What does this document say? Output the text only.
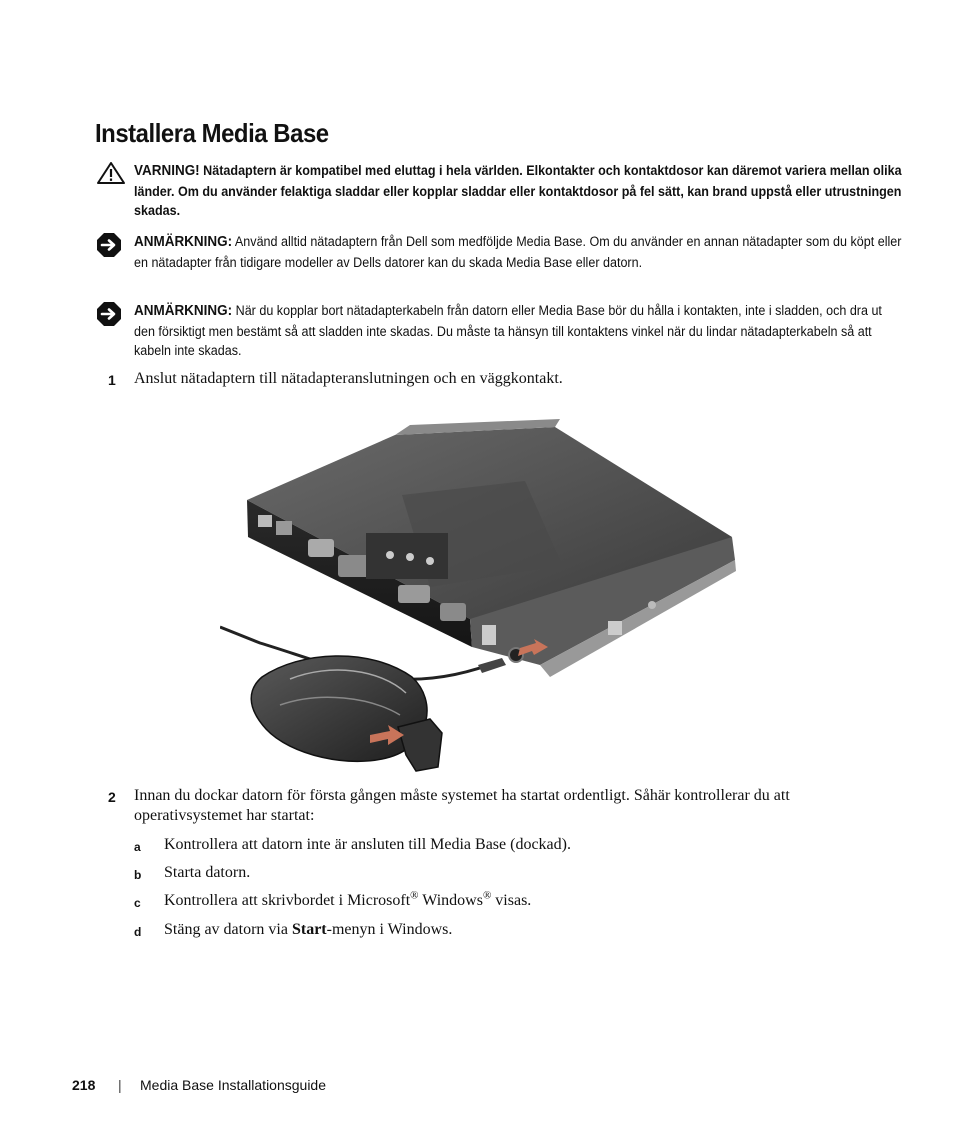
Installera Media Base
VARNING! Nätadaptern är kompatibel med eluttag i hela världen. Elkontakter och kontaktdosor kan däremot variera mellan olika länder. Om du använder felaktiga sladdar eller kopplar sladdar eller kontaktdosor på fel sätt, kan brand uppstå eller utrustningen skadas.
ANMÄRKNING: Använd alltid nätadaptern från Dell som medföljde Media Base. Om du använder en annan nätadapter som du köpt eller en nätadapter från tidigare modeller av Dells datorer kan du skada Media Base eller datorn.
ANMÄRKNING: När du kopplar bort nätadapterkabeln från datorn eller Media Base bör du hålla i kontakten, inte i sladden, och dra ut den försiktigt men bestämt så att sladden inte skadas. Du måste ta hänsyn till kontaktens vinkel när du lindar nätadapterkabeln så att kabeln inte skadas.
1 Anslut nätadaptern till nätadapteranslutningen och en väggkontakt.
2 Innan du dockar datorn för första gången måste systemet ha startat ordentligt. Såhär kontrollerar du att operativsystemet har startat:
a Kontrollera att datorn inte är ansluten till Media Base (dockad).
b Starta datorn.
c Kontrollera att skrivbordet i Microsoft® Windows® visas.
d Stäng av datorn via Start-menyn i Windows.
218 | Media Base Installationsguide
